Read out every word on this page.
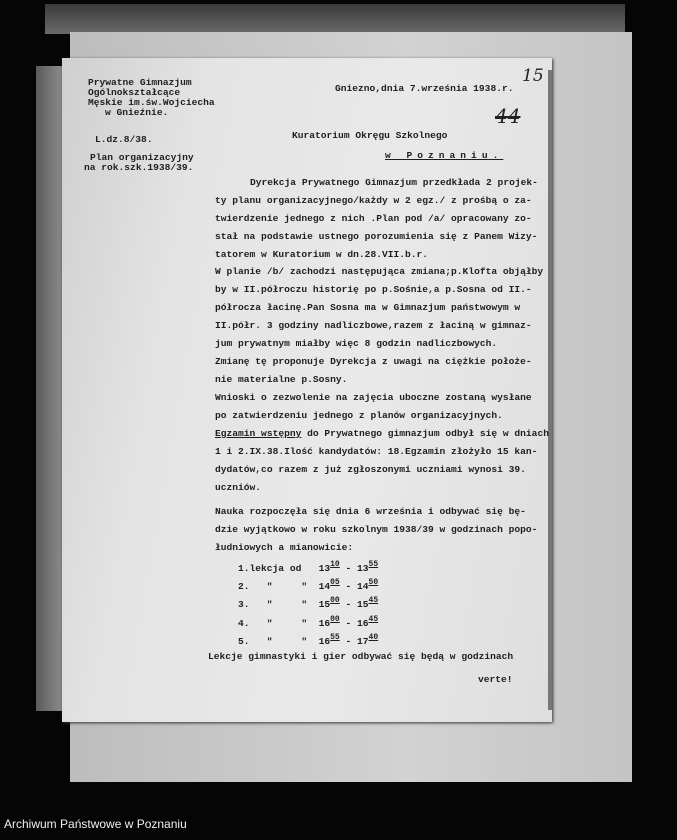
Prywatne Gimnazjum
Ogólnokształcące
Męskie im.św.Wojciecha
w Gnieźnie.
Gniezno,dnia 7.września 1938.r.
L.dz.8/38.
Plan organizacyjny
na rok.szk.1938/39.
Kuratorium Okręgu Szkolnego
w Poznaniu.
Dyrekcja Prywatnego Gimnazjum przedkłada 2 projek-
ty planu organizacyjnego/każdy w 2 egz./ z prośbą o za-
twierdzenie jednego z nich .Plan pod /a/ opracowany zo-
stał na podstawie ustnego porozumienia się z Panem Wizy-
tatorem w Kuratorium w dn.28.VII.b.r.
W planie /b/ zachodzi następująca zmiana;p.Klofta objąłby
by w II.półroczu historię po p.Sośnie,a p.Sosna od II.-
półrocza łacinę.Pan Sosna ma w Gimnazjum państwowym w
II.półr. 3 godziny nadliczbowe,razem z łaciną w gimnaz-
jum prywatnym miałby więc 8 godzin nadliczbowych.
Zmianę tę proponuje Dyrekcja z uwagi na ciężkie położe-
nie materialne p.Sosny.
Wnioski o zezwolenie na zajęcia uboczne zostaną wysłane
po zatwierdzeniu jednego z planów organizacyjnych.
Egzamin wstępny do Prywatnego gimnazjum odbył się w dniach
1 i 2.IX.38.Ilość kandydatów: 18.Egzamin złożyło 15 kan-
dydatów,co razem z już zgłoszonymi uczniami wynosi 39.
uczniów.
Nauka rozpoczęła się dnia 6 września i odbywać się bę-
dzie wyjątkowo w roku szkolnym 1938/39 w godzinach popo-
łudniowych a mianowicie:
1.lekcja od   $13^{10} - 13^{55}$
2.   "     "  $14^{05} - 14^{50}$
3.   "     "  $15^{00} - 15^{45}$
4.   "     "  $16^{00} - 16^{45}$
5.   "     "  $16^{55} - 17^{40}$
Lekcje gimnastyki i gier odbywać się będą w godzinach
verte!
15
44
Archiwum Państwowe w Poznaniu
